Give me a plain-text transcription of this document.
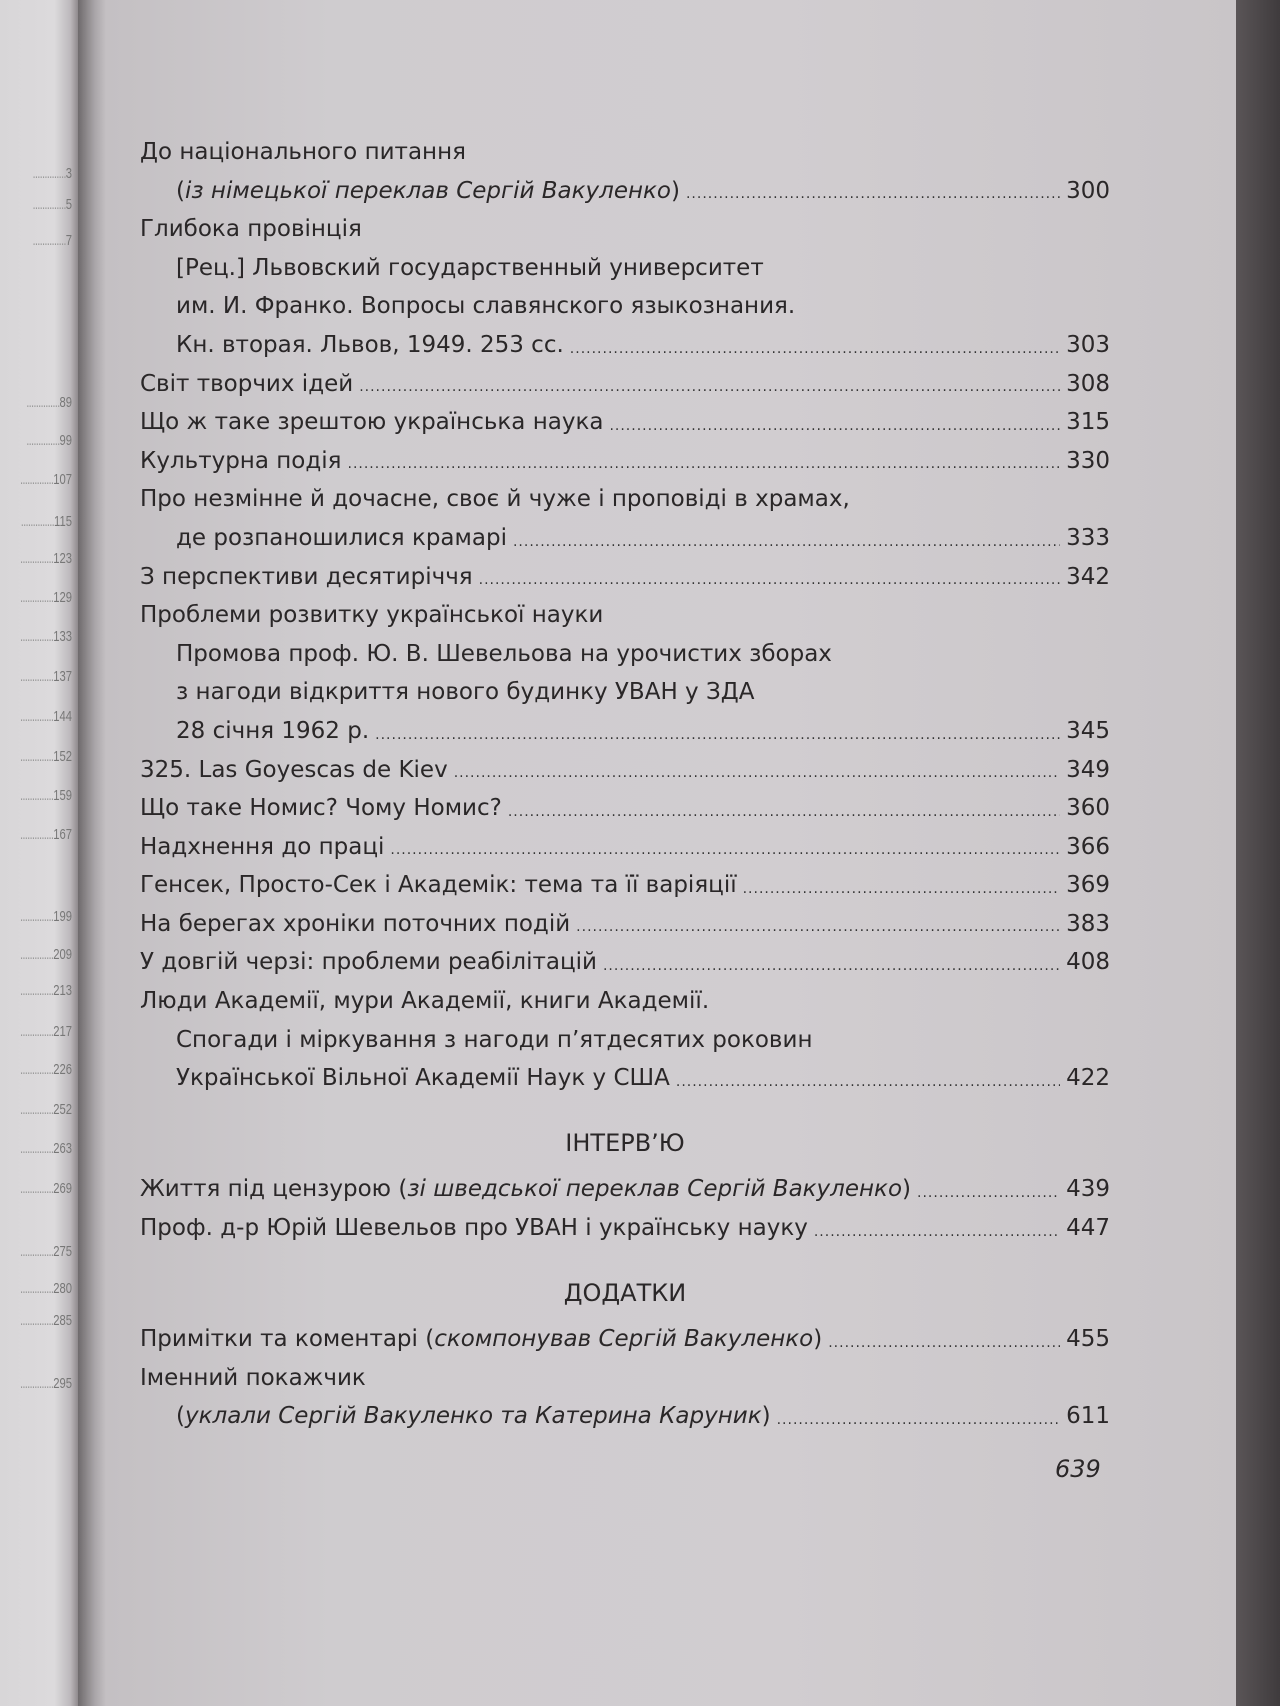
..... 3
..... 5
..... 7
..... 89
..... 99
..... 107
..... 115
..... 123
..... 129
..... 133
..... 137
..... 144
..... 152
..... 159
..... 167
..... 199
..... 209
..... 213
..... 217
..... 226
..... 252
..... 263
..... 269
..... 275
..... 280
..... 285
..... 295
До національного питання
(із німецької переклав Сергій Вакуленко) .....	300
Глибока провінція
[Рец.] Львовский государственный университет
им. И. Франко. Вопросы славянского языкознания.
Кн. вторая. Львов, 1949. 253 сс. .....	303
Світ творчих ідей .....	308
Що ж таке зрештою українська наука .....	315
Культурна подія .....	330
Про незмінне й дочасне, своє й чуже і проповіді в храмах,
де розпаношилися крамарі .....	333
З перспективи десятиріччя .....	342
Проблеми розвитку української науки
Промова проф. Ю. В. Шевельова на урочистих зборах
з нагоди відкриття нового будинку УВАН у ЗДА
28 січня 1962 р. .....	345
325. Las Goyescas de Kiev .....	349
Що таке Номис? Чому Номис? .....	360
Надхнення до праці .....	366
Генсек, Просто-Сек і Академік: тема та її варіяції .....	369
На берегах хроніки поточних подій .....	383
У довгій черзі: проблеми реабілітацій .....	408
Люди Академії, мури Академії, книги Академії.
Спогади і міркування з нагоди п’ятдесятих роковин
Української Вільної Академії Наук у США .....	422
ІНТЕРВ’Ю
Життя під цензурою (зі шведської переклав Сергій Вакуленко) .....	439
Проф. д-р Юрій Шевельов про УВАН і українську науку .....	447
ДОДАТКИ
Примітки та коментарі (скомпонував Сергій Вакуленко) .....	455
Іменний покажчик
(уклали Сергій Вакуленко та Катерина Каруник) .....	611
639
